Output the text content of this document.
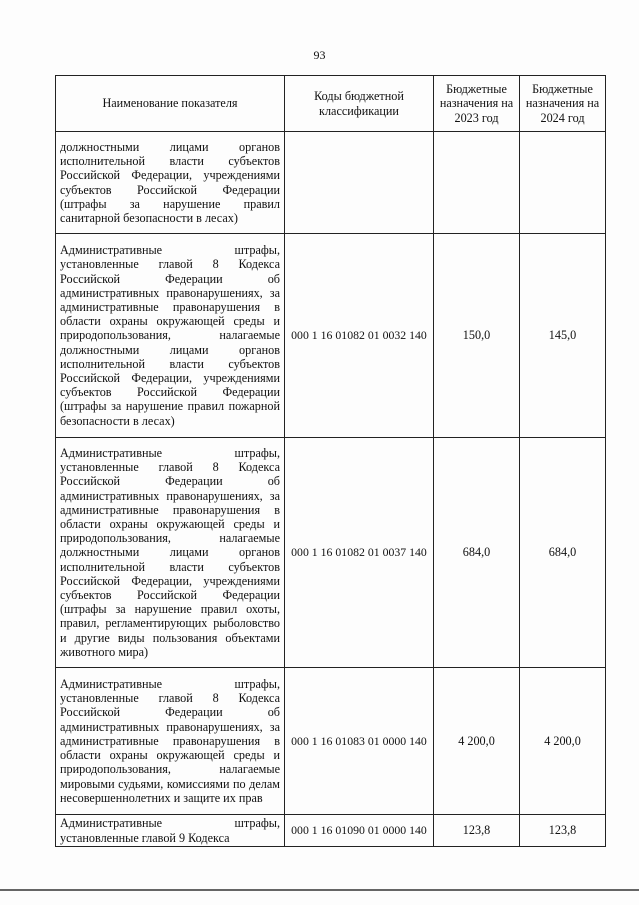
93
Наименование показателя	Коды бюджетной классификации	Бюджетные назначения на 2023 год	Бюджетные назначения на 2024 год
должностными лицами органов исполнительной власти субъектов Российской Федерации, учреждениями субъектов Российской Федерации (штрафы за нарушение правил санитарной безопасности в лесах)			
Административные штрафы, установленные главой 8 Кодекса Российской Федерации об административных правонарушениях, за административные правонарушения в области охраны окружающей среды и природопользования, налагаемые должностными лицами органов исполнительной власти субъектов Российской Федерации, учреждениями субъектов Российской Федерации (штрафы за нарушение правил пожарной безопасности в лесах)	000 1 16 01082 01 0032 140	150,0	145,0
Административные штрафы, установленные главой 8 Кодекса Российской Федерации об административных правонарушениях, за административные правонарушения в области охраны окружающей среды и природопользования, налагаемые должностными лицами органов исполнительной власти субъектов Российской Федерации, учреждениями субъектов Российской Федерации (штрафы за нарушение правил охоты, правил, регламентирующих рыболовство и другие виды пользования объектами животного мира)	000 1 16 01082 01 0037 140	684,0	684,0
Административные штрафы, установленные главой 8 Кодекса Российской Федерации об административных правонарушениях, за административные правонарушения в области охраны окружающей среды и природопользования, налагаемые мировыми судьями, комиссиями по делам несовершеннолетних и защите их прав	000 1 16 01083 01 0000 140	4 200,0	4 200,0
Административные штрафы, установленные главой 9 Кодекса	000 1 16 01090 01 0000 140	123,8	123,8
